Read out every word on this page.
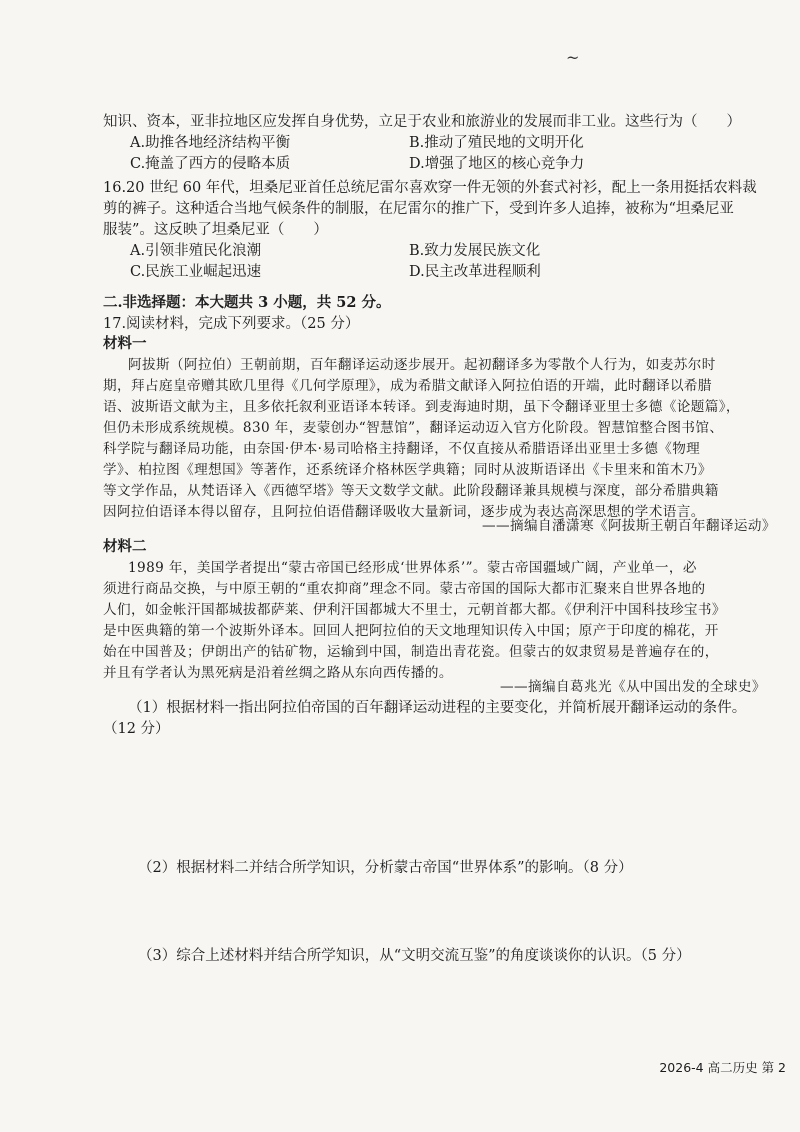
~
知识、资本，亚非拉地区应发挥自身优势，立足于农业和旅游业的发展而非工业。这些行为（　　）
A.助推各地经济结构平衡	B.推动了殖民地的文明开化
C.掩盖了西方的侵略本质	D.增强了地区的核心竞争力
16.20 世纪 60 年代，坦桑尼亚首任总统尼雷尔喜欢穿一件无领的外套式衬衫，配上一条用挺括农料裁
剪的裤子。这种适合当地气候条件的制服，在尼雷尔的推广下，受到许多人追捧，被称为“坦桑尼亚
服装”。这反映了坦桑尼亚（　　）
A.引领非殖民化浪潮	B.致力发展民族文化
C.民族工业崛起迅速	D.民主改革进程顺利
二.非选择题：本大题共 3 小题，共 52 分。
17.阅读材料，完成下列要求。（25 分）
材料一
阿拔斯（阿拉伯）王朝前期，百年翻译运动逐步展开。起初翻译多为零散个人行为，如麦苏尔时
期，拜占庭皇帝赠其欧几里得《几何学原理》，成为希腊文献译入阿拉伯语的开端，此时翻译以希腊
语、波斯语文献为主，且多依托叙利亚语译本转译。到麦海迪时期，虽下令翻译亚里士多德《论题篇》，
但仍未形成系统规模。830 年，麦蒙创办“智慧馆”，翻译运动迈入官方化阶段。智慧馆整合图书馆、
科学院与翻译局功能，由奈国·伊本·易司哈格主持翻译，不仅直接从希腊语译出亚里士多德《物理
学》、柏拉图《理想国》等著作，还系统译介格林医学典籍；同时从波斯语译出《卡里来和笛木乃》
等文学作品，从梵语译入《西德罕塔》等天文数学文献。此阶段翻译兼具规模与深度，部分希腊典籍
因阿拉伯语译本得以留存，且阿拉伯语借翻译吸收大量新词，逐步成为表达高深思想的学术语言。
——摘编自潘潇寒《阿拔斯王朝百年翻译运动》
材料二
1989 年，美国学者提出“蒙古帝国已经形成‘世界体系’”。蒙古帝国疆域广阔，产业单一，必
须进行商品交换，与中原王朝的“重农抑商”理念不同。蒙古帝国的国际大都市汇聚来自世界各地的
人们，如金帐汗国都城拔都萨莱、伊利汗国都城大不里士，元朝首都大都。《伊利汗中国科技珍宝书》
是中医典籍的第一个波斯外译本。回回人把阿拉伯的天文地理知识传入中国；原产于印度的棉花，开
始在中国普及；伊朗出产的钴矿物，运输到中国，制造出青花瓷。但蒙古的奴隶贸易是普遍存在的，
并且有学者认为黑死病是沿着丝绸之路从东向西传播的。
——摘编自葛兆光《从中国出发的全球史》
（1）根据材料一指出阿拉伯帝国的百年翻译运动进程的主要变化，并简析展开翻译运动的条件。
（12 分）
（2）根据材料二并结合所学知识，分析蒙古帝国“世界体系”的影响。（8 分）
（3）综合上述材料并结合所学知识，从“文明交流互鉴”的角度谈谈你的认识。（5 分）
2026-4 高二历史 第 2
